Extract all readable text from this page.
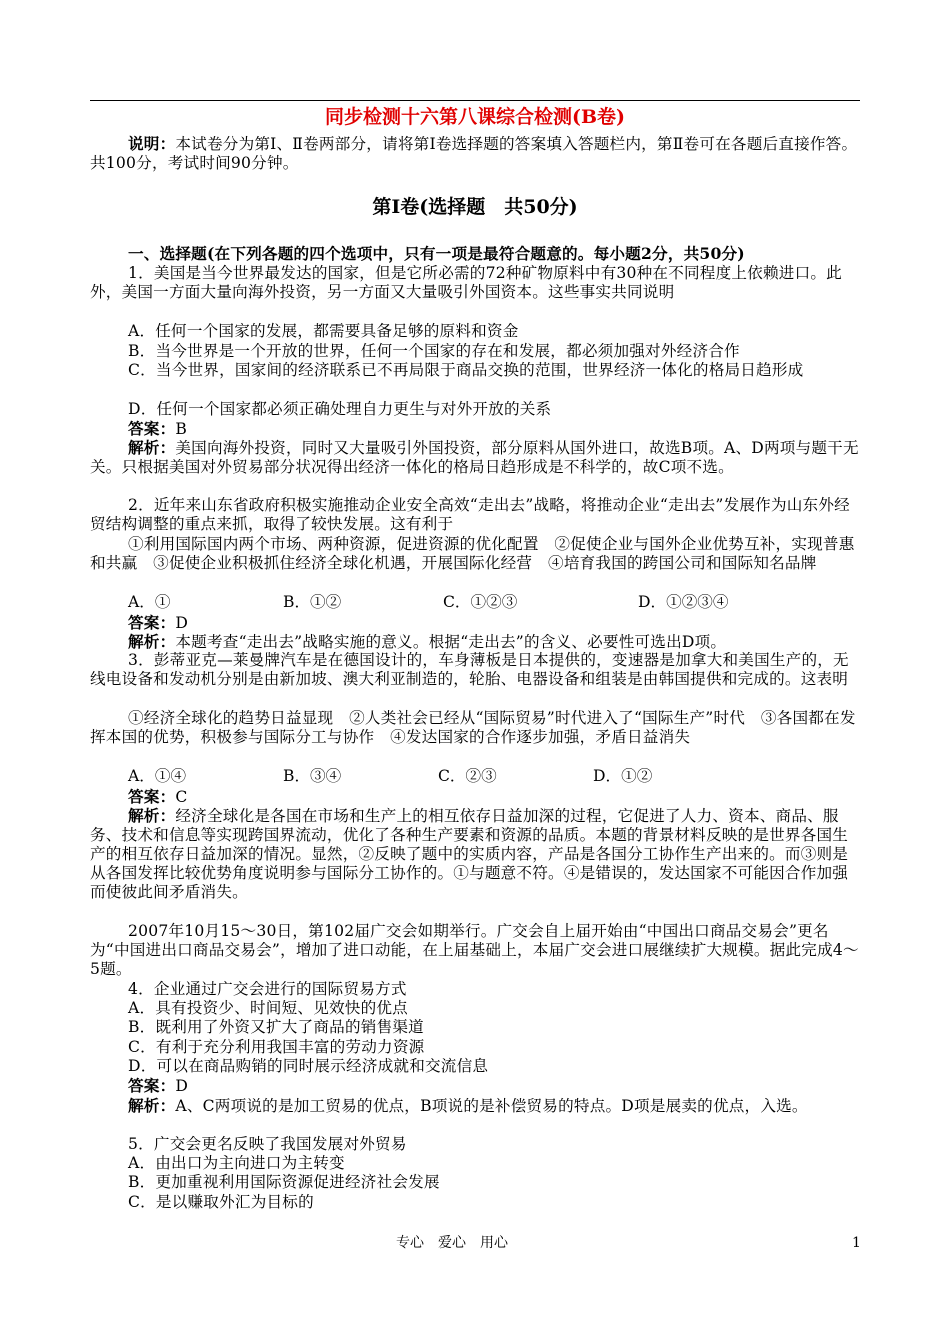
同步检测十六第八课综合检测(B卷)
说明：本试卷分为第Ⅰ、Ⅱ卷两部分，请将第Ⅰ卷选择题的答案填入答题栏内，第Ⅱ卷可在各题后直接作答。共100分，考试时间90分钟。
第Ⅰ卷(选择题　共50分)
一、选择题(在下列各题的四个选项中，只有一项是最符合题意的。每小题2分，共50分)
1．美国是当今世界最发达的国家，但是它所必需的72种矿物原料中有30种在不同程度上依赖进口。此外，美国一方面大量向海外投资，另一方面又大量吸引外国资本。这些事实共同说明
A．任何一个国家的发展，都需要具备足够的原料和资金
B．当今世界是一个开放的世界，任何一个国家的存在和发展，都必须加强对外经济合作
C．当今世界，国家间的经济联系已不再局限于商品交换的范围，世界经济一体化的格局日趋形成
D．任何一个国家都必须正确处理自力更生与对外开放的关系
答案：B
解析：美国向海外投资，同时又大量吸引外国投资，部分原料从国外进口，故选B项。A、D两项与题干无关。只根据美国对外贸易部分状况得出经济一体化的格局日趋形成是不科学的，故C项不选。
2．近年来山东省政府积极实施推动企业安全高效“走出去”战略，将推动企业“走出去”发展作为山东外经贸结构调整的重点来抓，取得了较快发展。这有利于
①利用国际国内两个市场、两种资源，促进资源的优化配置　②促使企业与国外企业优势互补，实现普惠和共赢　③促使企业积极抓住经济全球化机遇，开展国际化经营　④培育我国的跨国公司和国际知名品牌
A．①	B．①②	C．①②③	D．①②③④
答案：D
解析：本题考查“走出去”战略实施的意义。根据“走出去”的含义、必要性可选出D项。
3．彭蒂亚克—莱曼牌汽车是在德国设计的，车身薄板是日本提供的，变速器是加拿大和美国生产的，无线电设备和发动机分别是由新加坡、澳大利亚制造的，轮胎、电器设备和组装是由韩国提供和完成的。这表明
①经济全球化的趋势日益显现　②人类社会已经从“国际贸易”时代进入了“国际生产”时代　③各国都在发挥本国的优势，积极参与国际分工与协作　④发达国家的合作逐步加强，矛盾日益消失
A．①④	B．③④	C．②③	D．①②
答案：C
解析：经济全球化是各国在市场和生产上的相互依存日益加深的过程，它促进了人力、资本、商品、服务、技术和信息等实现跨国界流动，优化了各种生产要素和资源的品质。本题的背景材料反映的是世界各国生产的相互依存日益加深的情况。显然，②反映了题中的实质内容，产品是各国分工协作生产出来的。而③则是从各国发挥比较优势角度说明参与国际分工协作的。①与题意不符。④是错误的，发达国家不可能因合作加强而使彼此间矛盾消失。
2007年10月15～30日，第102届广交会如期举行。广交会自上届开始由“中国出口商品交易会”更名为“中国进出口商品交易会”，增加了进口动能，在上届基础上，本届广交会进口展继续扩大规模。据此完成4～5题。
4．企业通过广交会进行的国际贸易方式
A．具有投资少、时间短、见效快的优点
B．既利用了外资又扩大了商品的销售渠道
C．有利于充分利用我国丰富的劳动力资源
D．可以在商品购销的同时展示经济成就和交流信息
答案：D
解析：A、C两项说的是加工贸易的优点，B项说的是补偿贸易的特点。D项是展卖的优点，入选。
5．广交会更名反映了我国发展对外贸易
A．由出口为主向进口为主转变
B．更加重视利用国际资源促进经济社会发展
C．是以赚取外汇为目标的
专心　爱心　用心	1
